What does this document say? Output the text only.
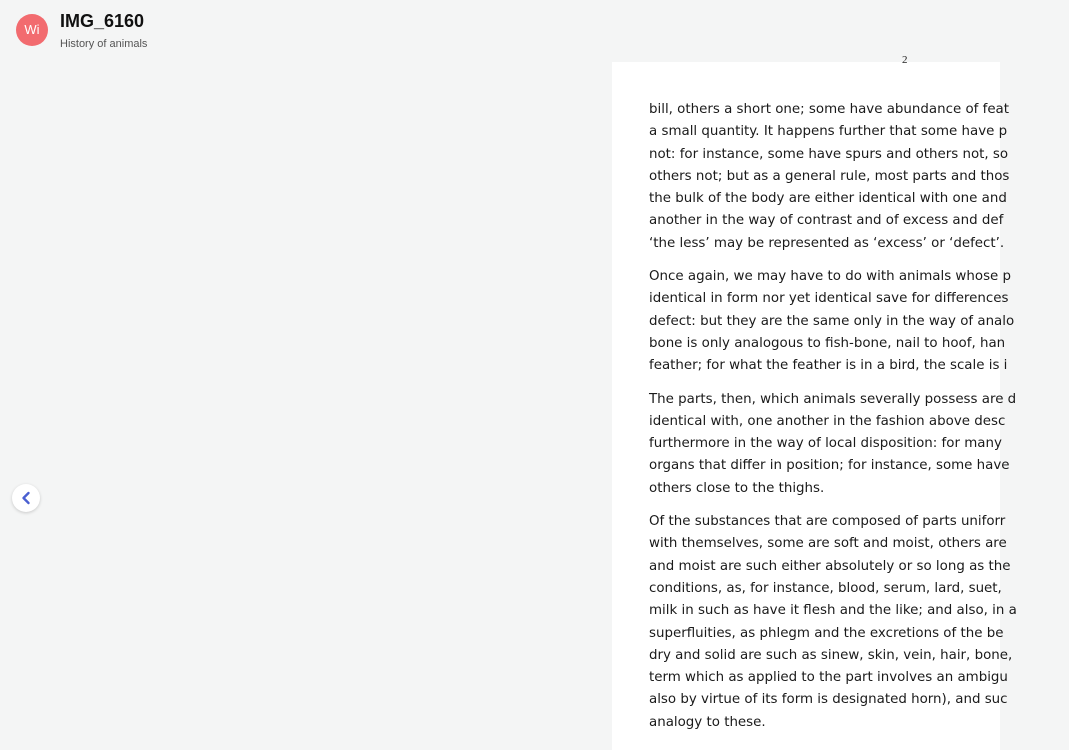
Wi	IMG_6160
History of animals
2

bill, others a short one; some have abundance of feat
a small quantity. It happens further that some have p
not: for instance, some have spurs and others not, so
others not; but as a general rule, most parts and thos
the bulk of the body are either identical with one and
another in the way of contrast and of excess and def
‘the less’ may be represented as ‘excess’ or ‘defect’.

Once again, we may have to do with animals whose p
identical in form nor yet identical save for differences
defect: but they are the same only in the way of analo
bone is only analogous to fish-bone, nail to hoof, han
feather; for what the feather is in a bird, the scale is i

The parts, then, which animals severally possess are d
identical with, one another in the fashion above desc
furthermore in the way of local disposition: for many
organs that differ in position; for instance, some have
others close to the thighs.

Of the substances that are composed of parts uniforr
with themselves, some are soft and moist, others are
and moist are such either absolutely or so long as the
conditions, as, for instance, blood, serum, lard, suet,
milk in such as have it flesh and the like; and also, in a
superfluities, as phlegm and the excretions of the be
dry and solid are such as sinew, skin, vein, hair, bone,
term which as applied to the part involves an ambigu
also by virtue of its form is designated horn), and suc
analogy to these.
